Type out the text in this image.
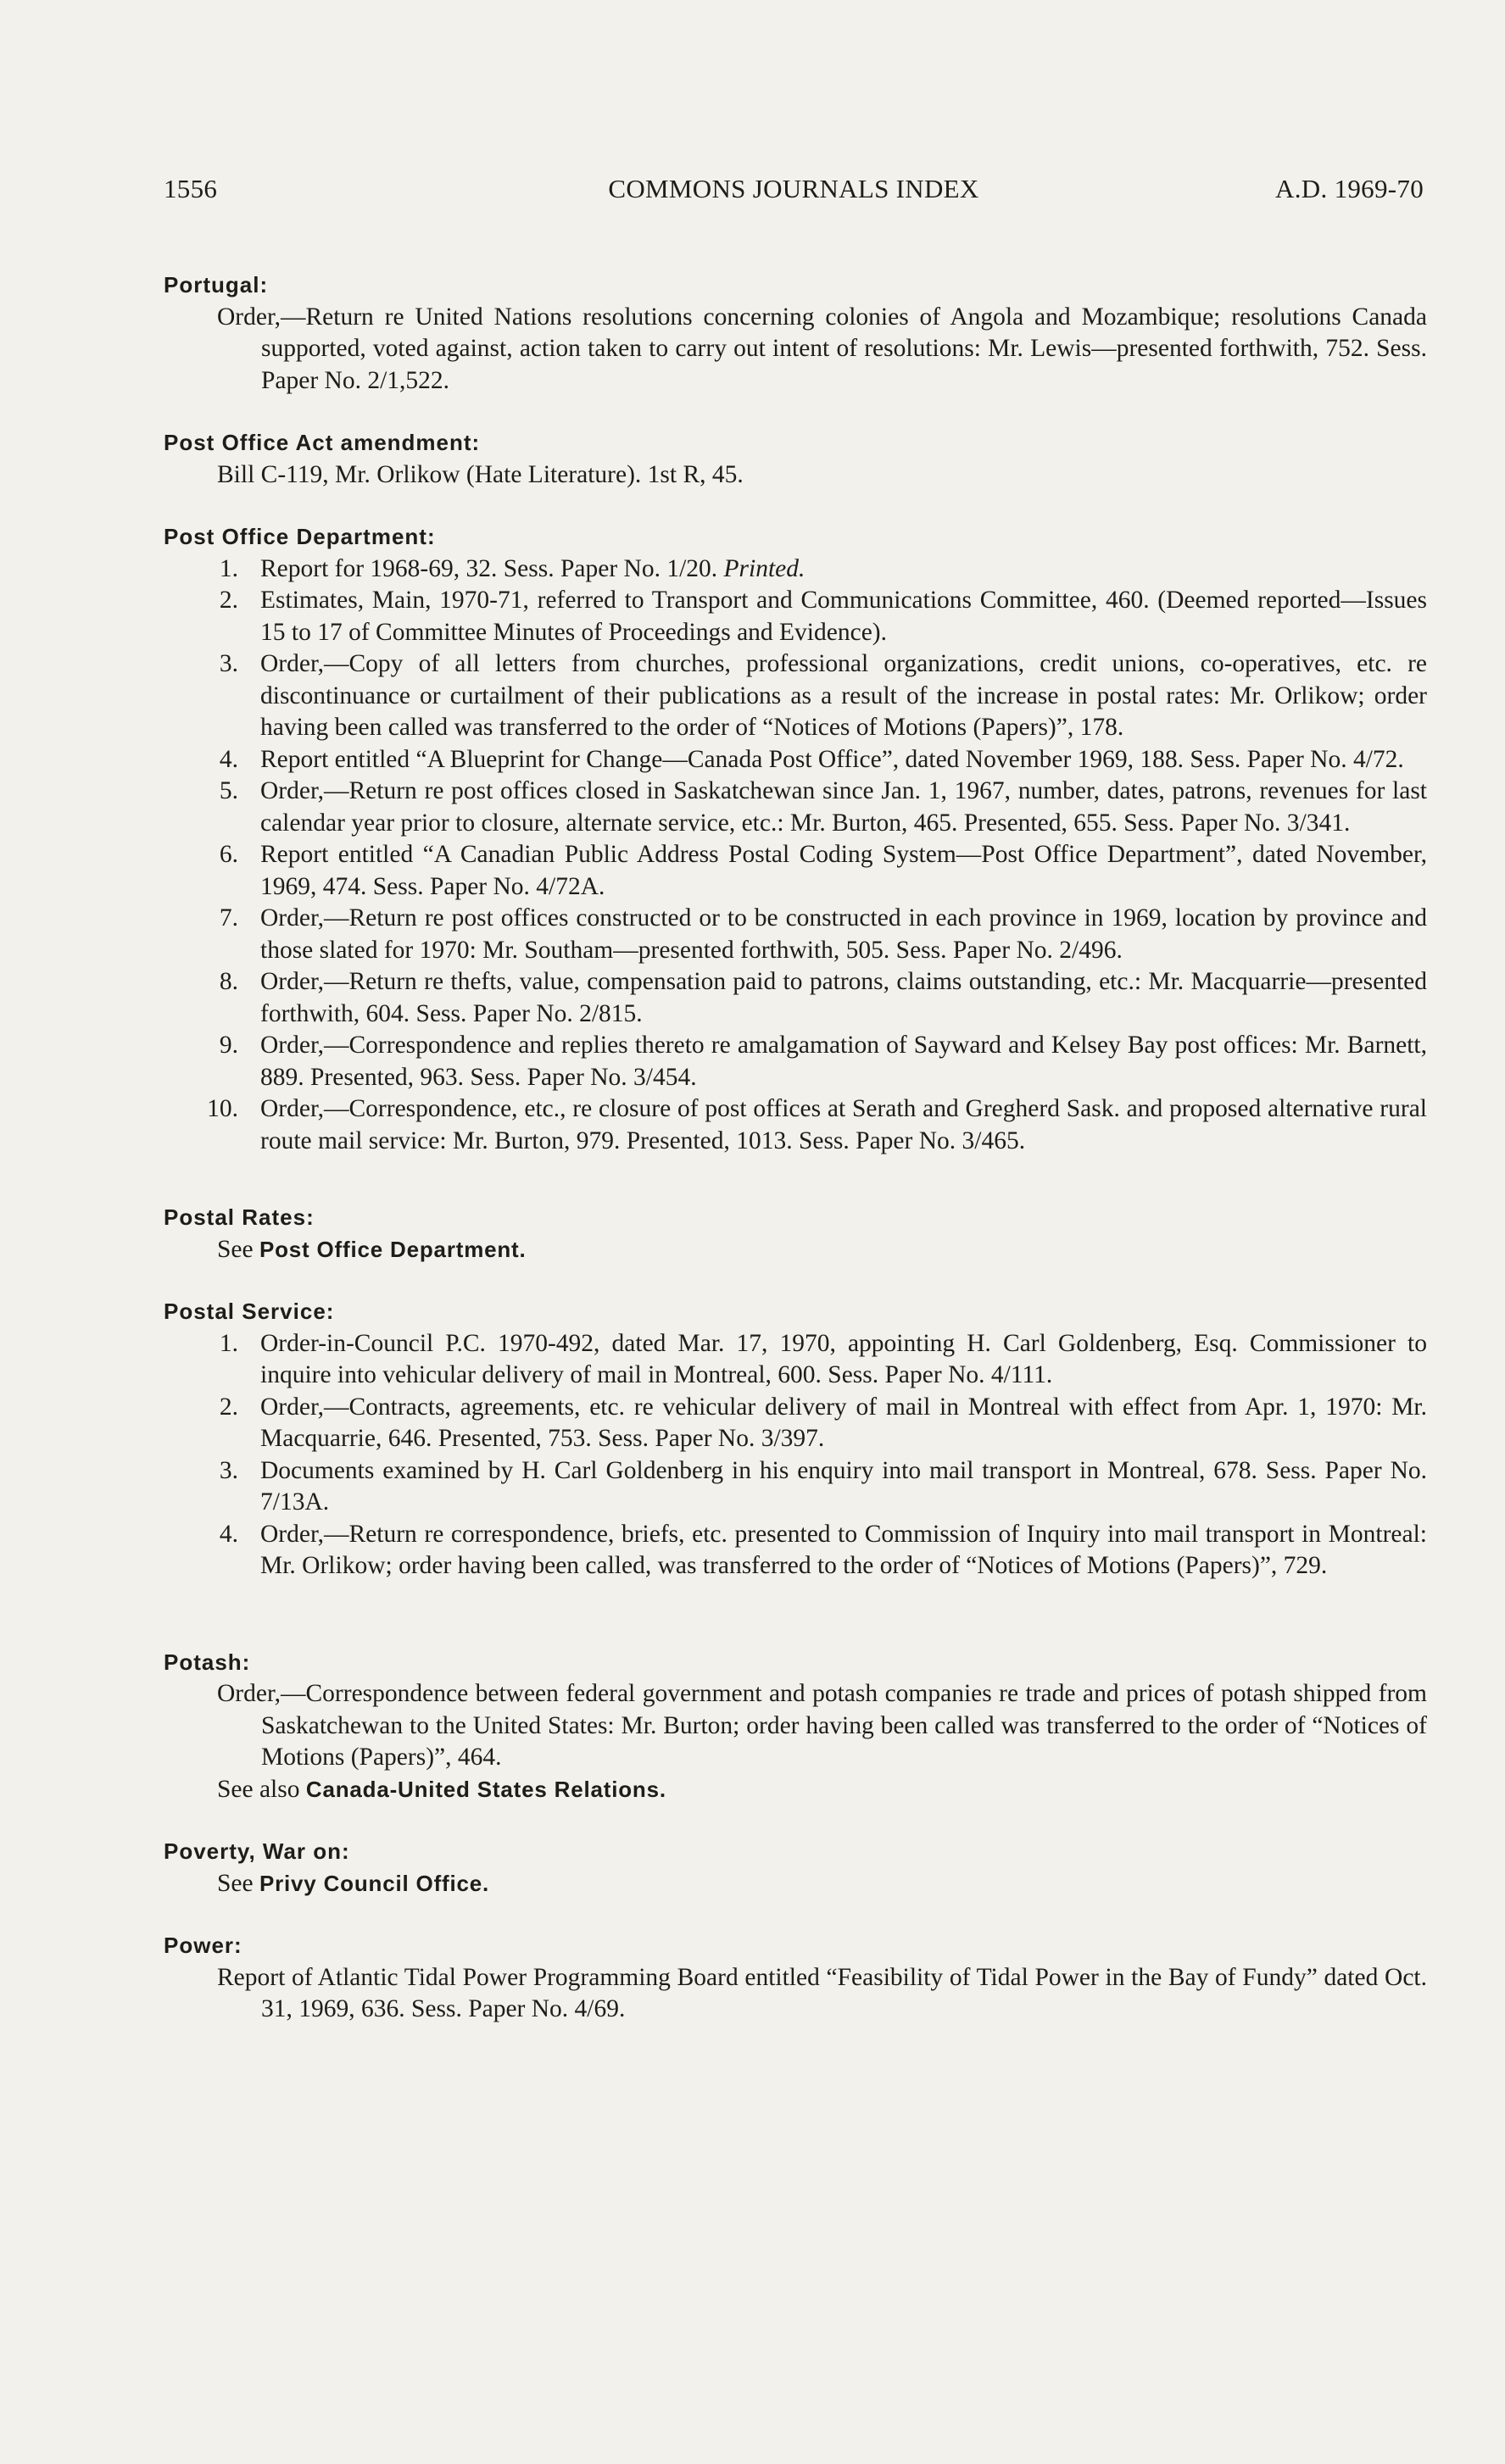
1556	COMMONS JOURNALS INDEX	A.D. 1969-70
Portugal:
Order,—Return re United Nations resolutions concerning colonies of Angola and Mozambique; resolutions Canada supported, voted against, action taken to carry out intent of resolutions: Mr. Lewis—presented forthwith, 752. Sess. Paper No. 2/1,522.
Post Office Act amendment:
Bill C-119, Mr. Orlikow (Hate Literature). 1st R, 45.
Post Office Department:
1. Report for 1968-69, 32. Sess. Paper No. 1/20. Printed.
2. Estimates, Main, 1970-71, referred to Transport and Communications Committee, 460. (Deemed reported—Issues 15 to 17 of Committee Minutes of Proceedings and Evidence).
3. Order,—Copy of all letters from churches, professional organizations, credit unions, co-operatives, etc. re discontinuance or curtailment of their publications as a result of the increase in postal rates: Mr. Orlikow; order having been called was transferred to the order of “Notices of Motions (Papers)”, 178.
4. Report entitled “A Blueprint for Change—Canada Post Office”, dated November 1969, 188. Sess. Paper No. 4/72.
5. Order,—Return re post offices closed in Saskatchewan since Jan. 1, 1967, number, dates, patrons, revenues for last calendar year prior to closure, alternate service, etc.: Mr. Burton, 465. Presented, 655. Sess. Paper No. 3/341.
6. Report entitled “A Canadian Public Address Postal Coding System—Post Office Department”, dated November, 1969, 474. Sess. Paper No. 4/72A.
7. Order,—Return re post offices constructed or to be constructed in each province in 1969, location by province and those slated for 1970: Mr. Southam—presented forthwith, 505. Sess. Paper No. 2/496.
8. Order,—Return re thefts, value, compensation paid to patrons, claims outstanding, etc.: Mr. Macquarrie—presented forthwith, 604. Sess. Paper No. 2/815.
9. Order,—Correspondence and replies thereto re amalgamation of Sayward and Kelsey Bay post offices: Mr. Barnett, 889. Presented, 963. Sess. Paper No. 3/454.
10. Order,—Correspondence, etc., re closure of post offices at Serath and Gregherd Sask. and proposed alternative rural route mail service: Mr. Burton, 979. Presented, 1013. Sess. Paper No. 3/465.
Postal Rates:
See Post Office Department.
Postal Service:
1. Order-in-Council P.C. 1970-492, dated Mar. 17, 1970, appointing H. Carl Goldenberg, Esq. Commissioner to inquire into vehicular delivery of mail in Montreal, 600. Sess. Paper No. 4/111.
2. Order,—Contracts, agreements, etc. re vehicular delivery of mail in Montreal with effect from Apr. 1, 1970: Mr. Macquarrie, 646. Presented, 753. Sess. Paper No. 3/397.
3. Documents examined by H. Carl Goldenberg in his enquiry into mail transport in Montreal, 678. Sess. Paper No. 7/13A.
4. Order,—Return re correspondence, briefs, etc. presented to Commission of Inquiry into mail transport in Montreal: Mr. Orlikow; order having been called, was transferred to the order of “Notices of Motions (Papers)”, 729.
Potash:
Order,—Correspondence between federal government and potash companies re trade and prices of potash shipped from Saskatchewan to the United States: Mr. Burton; order having been called was transferred to the order of “Notices of Motions (Papers)”, 464.
See also Canada-United States Relations.
Poverty, War on:
See Privy Council Office.
Power:
Report of Atlantic Tidal Power Programming Board entitled “Feasibility of Tidal Power in the Bay of Fundy” dated Oct. 31, 1969, 636. Sess. Paper No. 4/69.
